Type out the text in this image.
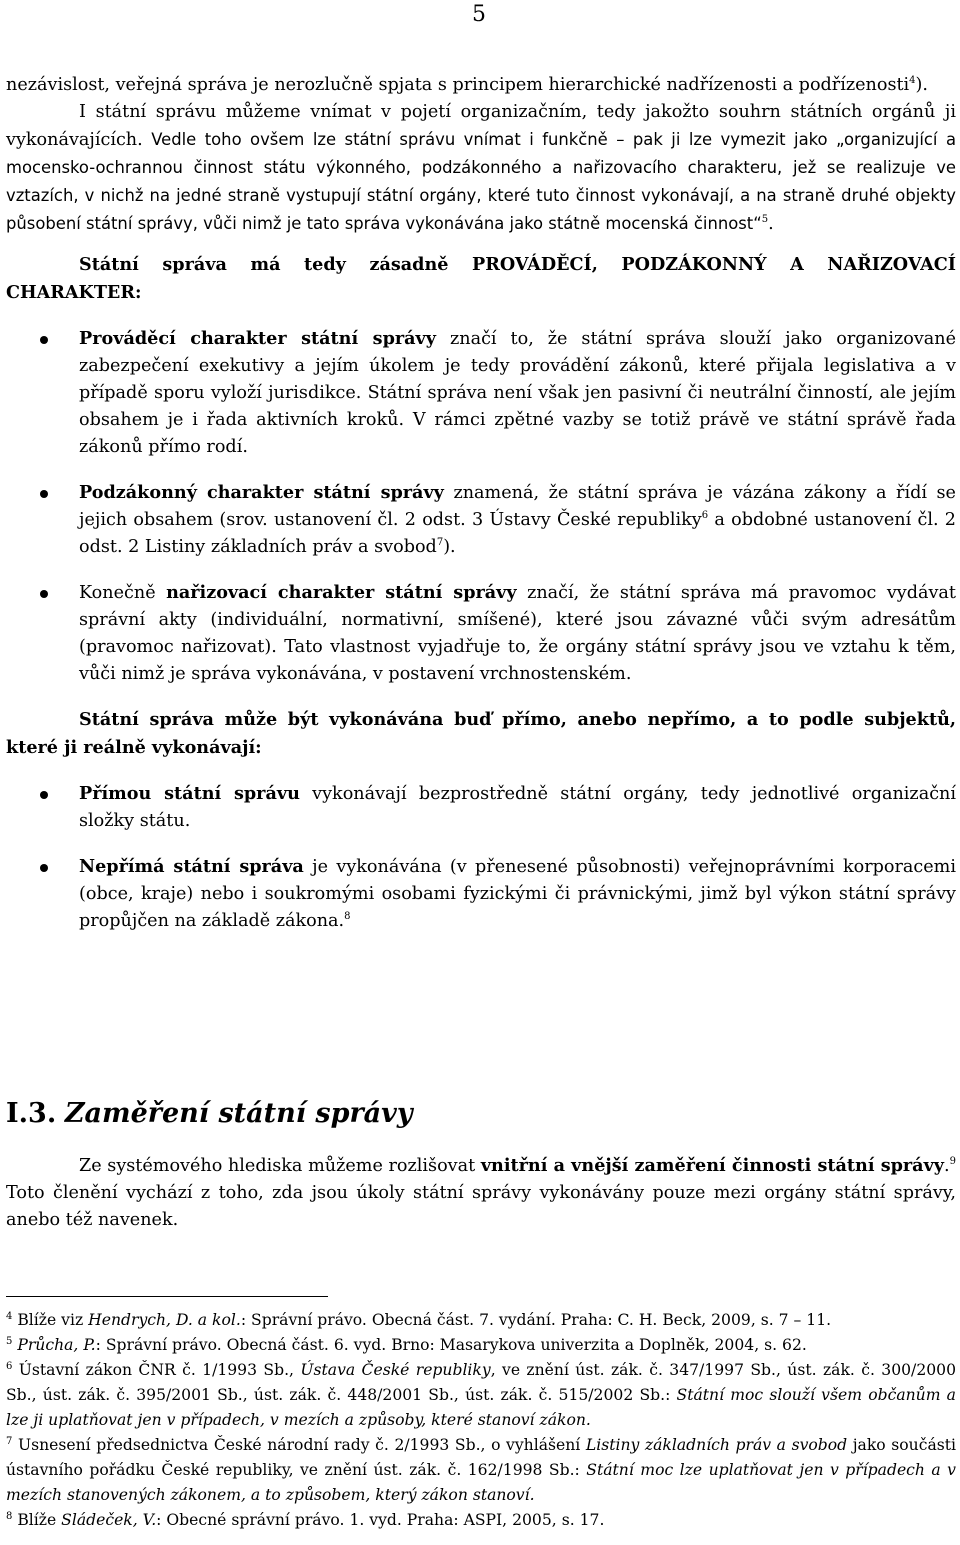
5

nezávislost, veřejná správa je nerozlučně spjata s principem hierarchické nadřízenosti a podřízenosti$^4$).

I státní správu můžeme vnímat v pojetí organizačním, tedy jakožto souhrn státních orgánů ji vykonávajících. Vedle toho ovšem lze státní správu vnímat i funkčně – pak ji lze vymezit jako „organizující a mocensko-ochrannou činnost státu výkonného, podzákonného a nařizovacího charakteru, jež se realizuje ve vztazích, v nichž na jedné straně vystupují státní orgány, které tuto činnost vykonávají, a na straně druhé objekty působení státní správy, vůči nimž je tato správa vykonávána jako státně mocenská činnost“$^5$.

Státní správa má tedy zásadně PROVÁDĚCÍ, PODZÁKONNÝ A NAŘIZOVACÍ CHARAKTER:

Prováděcí charakter státní správy značí to, že státní správa slouží jako organizované zabezpečení exekutivy a jejím úkolem je tedy provádění zákonů, které přijala legislativa a v případě sporu vyloží jurisdikce. Státní správa není však jen pasivní či neutrální činností, ale jejím obsahem je i řada aktivních kroků. V rámci zpětné vazby se totiž právě ve státní správě řada zákonů přímo rodí.
Podzákonný charakter státní správy znamená, že státní správa je vázána zákony a řídí se jejich obsahem (srov. ustanovení čl. 2 odst. 3 Ústavy České republiky$^6$ a obdobné ustanovení čl. 2 odst. 2 Listiny základních práv a svobod$^7$).
Konečně nařizovací charakter státní správy značí, že státní správa má pravomoc vydávat správní akty (individuální, normativní, smíšené), které jsou závazné vůči svým adresátům (pravomoc nařizovat). Tato vlastnost vyjadřuje to, že orgány státní správy jsou ve vztahu k těm, vůči nimž je správa vykonávána, v postavení vrchnostenském.

Státní správa může být vykonávána buď přímo, anebo nepřímo, a to podle subjektů, které ji reálně vykonávají:

Přímou státní správu vykonávají bezprostředně státní orgány, tedy jednotlivé organizační složky státu.
Nepřímá státní správa je vykonávána (v přenesené působnosti) veřejnoprávními korporacemi (obce, kraje) nebo i soukromými osobami fyzickými či právnickými, jimž byl výkon státní správy propůjčen na základě zákona.$^8$
I.3. Zaměření státní správy

Ze systémového hlediska můžeme rozlišovat vnitřní a vnější zaměření činnosti státní správy.$^9$ Toto členění vychází z toho, zda jsou úkoly státní správy vykonávány pouze mezi orgány státní správy, anebo též navenek.

$^4$ Blíže viz Hendrych, D. a kol.: Správní právo. Obecná část. 7. vydání. Praha: C. H. Beck, 2009, s. 7 – 11.

$^5$ Průcha, P.: Správní právo. Obecná část. 6. vyd. Brno: Masarykova univerzita a Doplněk, 2004, s. 62.

$^6$ Ústavní zákon ČNR č. 1/1993 Sb., Ústava České republiky, ve znění úst. zák. č. 347/1997 Sb., úst. zák. č. 300/2000 Sb., úst. zák. č. 395/2001 Sb., úst. zák. č. 448/2001 Sb., úst. zák. č. 515/2002 Sb.: Státní moc slouží všem občanům a lze ji uplatňovat jen v případech, v mezích a způsoby, které stanoví zákon.

$^7$ Usnesení předsednictva České národní rady č. 2/1993 Sb., o vyhlášení Listiny základních práv a svobod jako součásti ústavního pořádku České republiky, ve znění úst. zák. č. 162/1998 Sb.: Státní moc lze uplatňovat jen v případech a v mezích stanovených zákonem, a to způsobem, který zákon stanoví.

$^8$ Blíže Sládeček, V.: Obecné správní právo. 1. vyd. Praha: ASPI, 2005, s. 17.
